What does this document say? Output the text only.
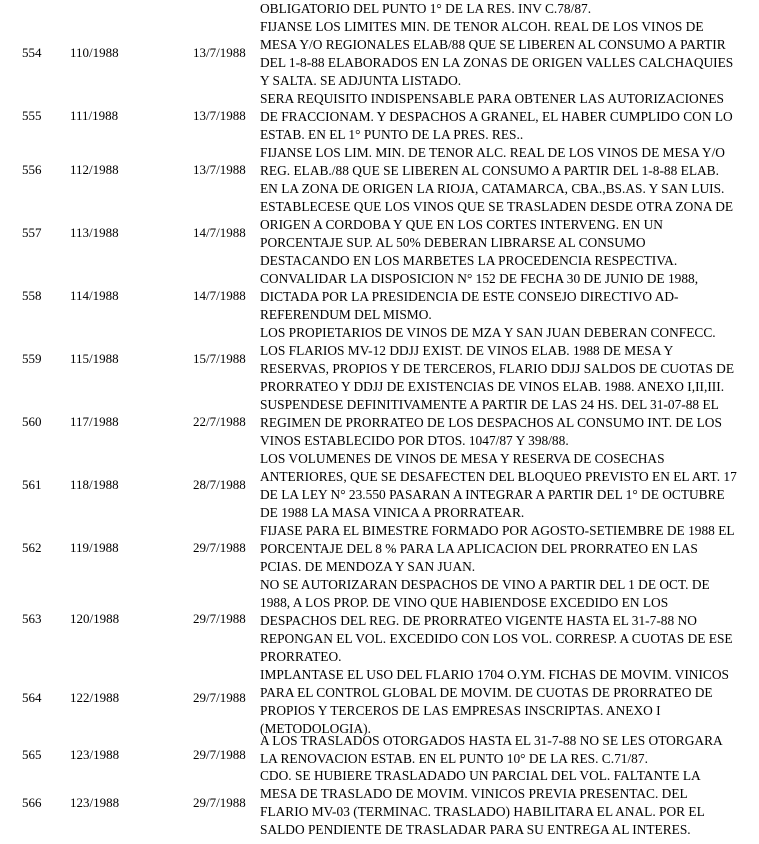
OBLIGATORIO DEL PUNTO 1° DE LA RES. INV C.78/87.
554 110/1988	13/7/1988
FIJANSE LOS LIMITES MIN. DE TENOR ALCOH. REAL DE LOS VINOS DE
MESA Y/O REGIONALES ELAB/88 QUE SE LIBEREN AL CONSUMO A PARTIR
DEL 1-8-88 ELABORADOS EN LA ZONAS DE ORIGEN VALLES CALCHAQUIES
Y SALTA. SE ADJUNTA LISTADO.
555 111/1988	13/7/1988
SERA REQUISITO INDISPENSABLE PARA OBTENER LAS AUTORIZACIONES
DE FRACCIONAM. Y DESPACHOS A GRANEL, EL HABER CUMPLIDO CON LO
ESTAB. EN EL 1° PUNTO DE LA PRES. RES..
556 112/1988	13/7/1988
FIJANSE LOS LIM. MIN. DE TENOR ALC. REAL DE LOS VINOS DE MESA Y/O
REG. ELAB./88 QUE SE LIBEREN AL CONSUMO A PARTIR DEL 1-8-88 ELAB.
EN LA ZONA DE ORIGEN LA RIOJA, CATAMARCA, CBA.,BS.AS. Y SAN LUIS.
557 113/1988	14/7/1988
ESTABLECESE QUE LOS VINOS QUE SE TRASLADEN DESDE OTRA ZONA DE
ORIGEN A CORDOBA Y QUE EN LOS CORTES INTERVENG. EN UN
PORCENTAJE SUP. AL 50% DEBERAN LIBRARSE AL CONSUMO
DESTACANDO EN LOS MARBETES LA PROCEDENCIA RESPECTIVA.
558 114/1988	14/7/1988
CONVALIDAR LA DISPOSICION N° 152 DE FECHA 30 DE JUNIO DE 1988,
DICTADA POR LA PRESIDENCIA DE ESTE CONSEJO DIRECTIVO AD-
REFERENDUM DEL MISMO.
559 115/1988	15/7/1988
LOS PROPIETARIOS DE VINOS DE MZA Y SAN JUAN DEBERAN CONFECC.
LOS FLARIOS MV-12 DDJJ EXIST. DE VINOS ELAB. 1988 DE MESA Y
RESERVAS, PROPIOS Y DE TERCEROS, FLARIO DDJJ SALDOS DE CUOTAS DE
PRORRATEO Y DDJJ DE EXISTENCIAS DE VINOS ELAB. 1988. ANEXO I,II,III.
560 117/1988	22/7/1988
SUSPENDESE DEFINITIVAMENTE A PARTIR DE LAS 24 HS. DEL 31-07-88 EL
REGIMEN DE PRORRATEO DE LOS DESPACHOS AL CONSUMO INT. DE LOS
VINOS ESTABLECIDO POR DTOS. 1047/87 Y 398/88.
561 118/1988	28/7/1988
LOS VOLUMENES DE VINOS DE MESA Y RESERVA DE COSECHAS
ANTERIORES, QUE SE DESAFECTEN DEL BLOQUEO PREVISTO EN EL ART. 17
DE LA LEY N° 23.550 PASARAN A INTEGRAR A PARTIR DEL 1° DE OCTUBRE
DE 1988 LA MASA VINICA A PRORRATEAR.
562 119/1988	29/7/1988
FIJASE PARA EL BIMESTRE FORMADO POR AGOSTO-SETIEMBRE DE 1988 EL
PORCENTAJE DEL 8 % PARA LA APLICACION DEL PRORRATEO EN LAS
PCIAS. DE MENDOZA Y SAN JUAN.
563 120/1988	29/7/1988
NO SE AUTORIZARAN DESPACHOS DE VINO A PARTIR DEL 1 DE OCT. DE
1988, A LOS PROP. DE VINO QUE HABIENDOSE EXCEDIDO EN LOS
DESPACHOS DEL REG. DE PRORRATEO VIGENTE HASTA EL 31-7-88 NO
REPONGAN EL VOL. EXCEDIDO CON LOS VOL. CORRESP. A CUOTAS DE ESE
PRORRATEO.
564 122/1988	29/7/1988
IMPLANTASE EL USO DEL FLARIO 1704 O.YM. FICHAS DE MOVIM. VINICOS
PARA EL CONTROL GLOBAL DE MOVIM. DE CUOTAS DE PRORRATEO DE
PROPIOS Y TERCEROS DE LAS EMPRESAS INSCRIPTAS. ANEXO I
(METODOLOGIA).
565 123/1988	29/7/1988
A LOS TRASLADOS OTORGADOS HASTA EL 31-7-88 NO SE LES OTORGARA
LA RENOVACION ESTAB. EN EL PUNTO 10° DE LA RES. C.71/87.
566 123/1988	29/7/1988
CDO. SE HUBIERE TRASLADADO UN PARCIAL DEL VOL. FALTANTE LA
MESA DE TRASLADO DE MOVIM. VINICOS PREVIA PRESENTAC. DEL
FLARIO MV-03 (TERMINAC. TRASLADO) HABILITARA EL ANAL. POR EL
SALDO PENDIENTE DE TRASLADAR PARA SU ENTREGA AL INTERES.
